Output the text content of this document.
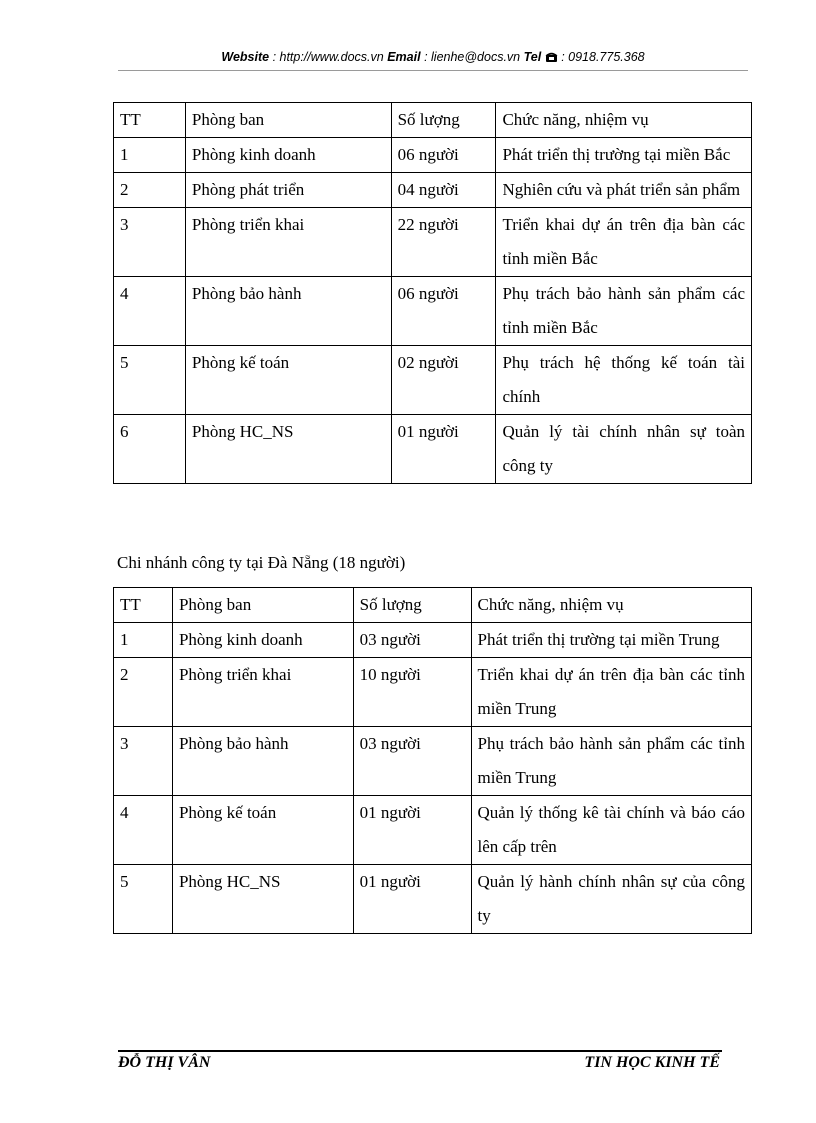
Website : http://www.docs.vn Email : lienhe@docs.vn Tel : 0918.775.368
TT	Phòng ban	Số lượng	Chức năng, nhiệm vụ
1	Phòng kinh doanh	06 người	Phát triển thị trường tại miền Bắc
2	Phòng phát triển	04 người	Nghiên cứu và phát triển sản phẩm
3	Phòng triển khai	22 người	Triển khai dự án trên địa bàn các tỉnh miền Bắc
4	Phòng bảo hành	06 người	Phụ trách bảo hành sản phẩm các tỉnh miền Bắc
5	Phòng kế toán	02 người	Phụ trách hệ thống kế toán tài chính
6	Phòng HC_NS	01 người	Quản lý tài chính nhân sự toàn công ty
Chi nhánh công ty tại Đà Nẵng (18 người)
TT	Phòng ban	Số lượng	Chức năng, nhiệm vụ
1	Phòng kinh doanh	03 người	Phát triển thị trường tại miền Trung
2	Phòng triển khai	10 người	Triển khai dự án trên địa bàn các tỉnh miền Trung
3	Phòng bảo hành	03 người	Phụ trách bảo hành sản phẩm các tỉnh miền Trung
4	Phòng kế toán	01 người	Quản lý thống kê tài chính và báo cáo lên cấp trên
5	Phòng HC_NS	01 người	Quản lý hành chính nhân sự của công ty
ĐỖ THỊ VÂN	TIN HỌC KINH TẾ
